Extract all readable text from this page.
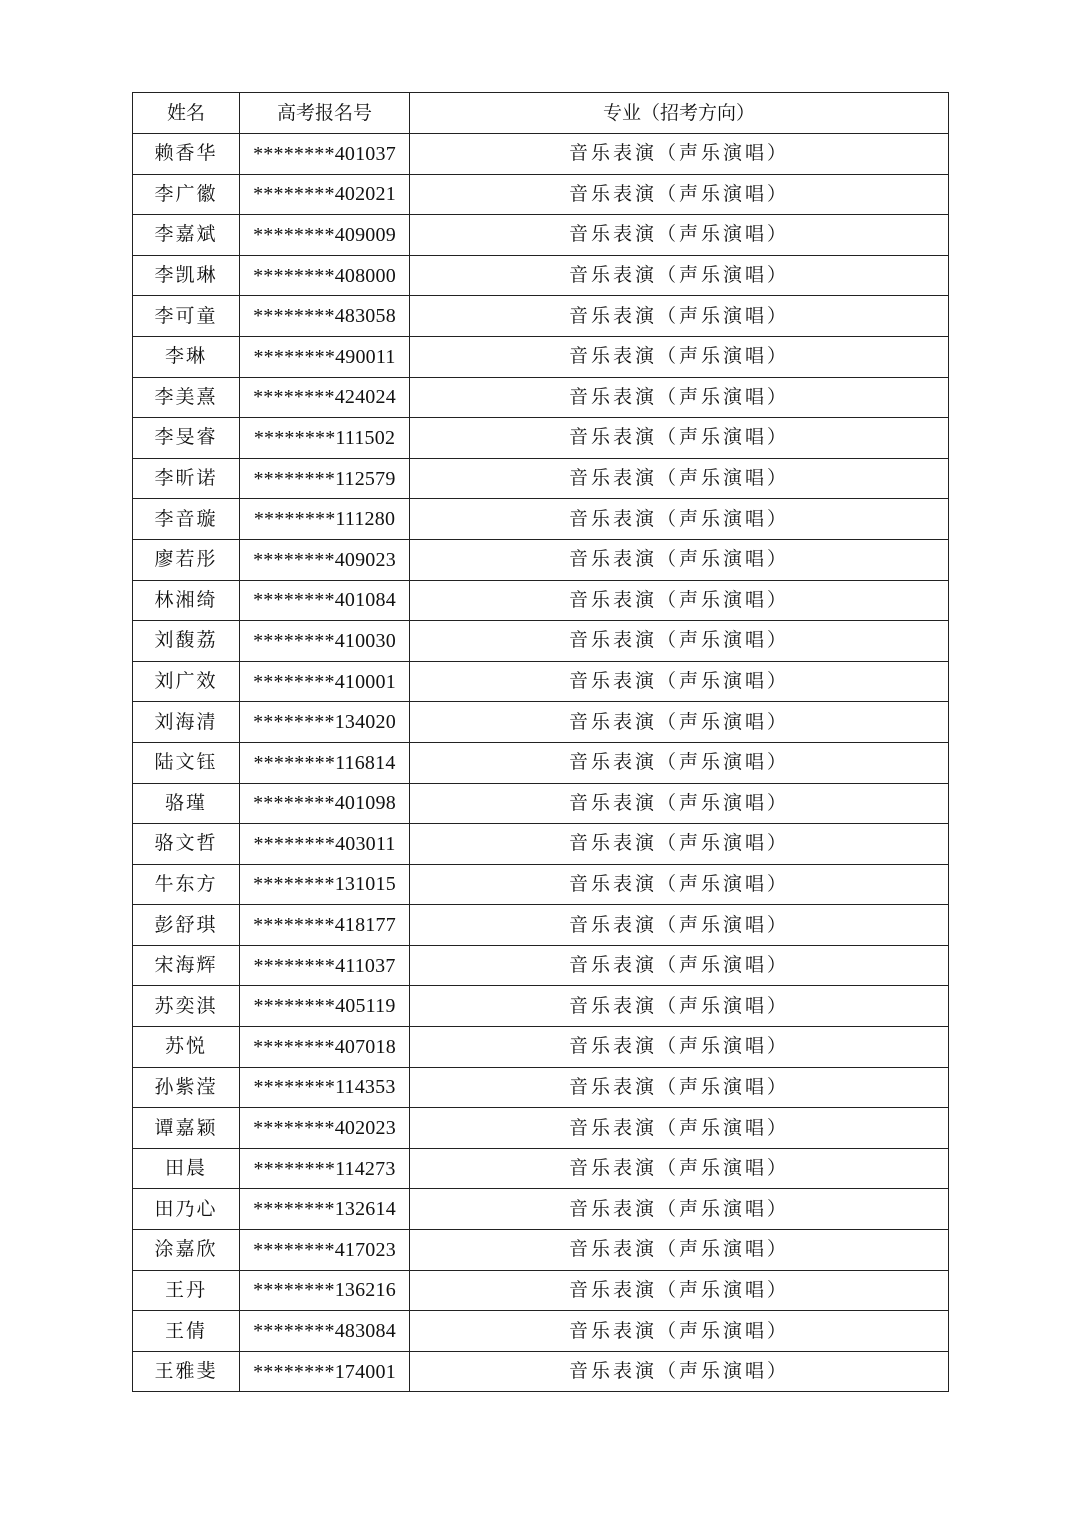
姓名	高考报名号	专业（招考方向）
赖香华	********401037	音乐表演（声乐演唱）
李广徽	********402021	音乐表演（声乐演唱）
李嘉斌	********409009	音乐表演（声乐演唱）
李凯琳	********408000	音乐表演（声乐演唱）
李可童	********483058	音乐表演（声乐演唱）
李琳	********490011	音乐表演（声乐演唱）
李美熹	********424024	音乐表演（声乐演唱）
李旻睿	********111502	音乐表演（声乐演唱）
李昕诺	********112579	音乐表演（声乐演唱）
李音璇	********111280	音乐表演（声乐演唱）
廖若彤	********409023	音乐表演（声乐演唱）
林湘绮	********401084	音乐表演（声乐演唱）
刘馥荔	********410030	音乐表演（声乐演唱）
刘广效	********410001	音乐表演（声乐演唱）
刘海清	********134020	音乐表演（声乐演唱）
陆文钰	********116814	音乐表演（声乐演唱）
骆瑾	********401098	音乐表演（声乐演唱）
骆文哲	********403011	音乐表演（声乐演唱）
牛东方	********131015	音乐表演（声乐演唱）
彭舒琪	********418177	音乐表演（声乐演唱）
宋海辉	********411037	音乐表演（声乐演唱）
苏奕淇	********405119	音乐表演（声乐演唱）
苏悦	********407018	音乐表演（声乐演唱）
孙紫滢	********114353	音乐表演（声乐演唱）
谭嘉颖	********402023	音乐表演（声乐演唱）
田晨	********114273	音乐表演（声乐演唱）
田乃心	********132614	音乐表演（声乐演唱）
涂嘉欣	********417023	音乐表演（声乐演唱）
王丹	********136216	音乐表演（声乐演唱）
王倩	********483084	音乐表演（声乐演唱）
王雅斐	********174001	音乐表演（声乐演唱）
